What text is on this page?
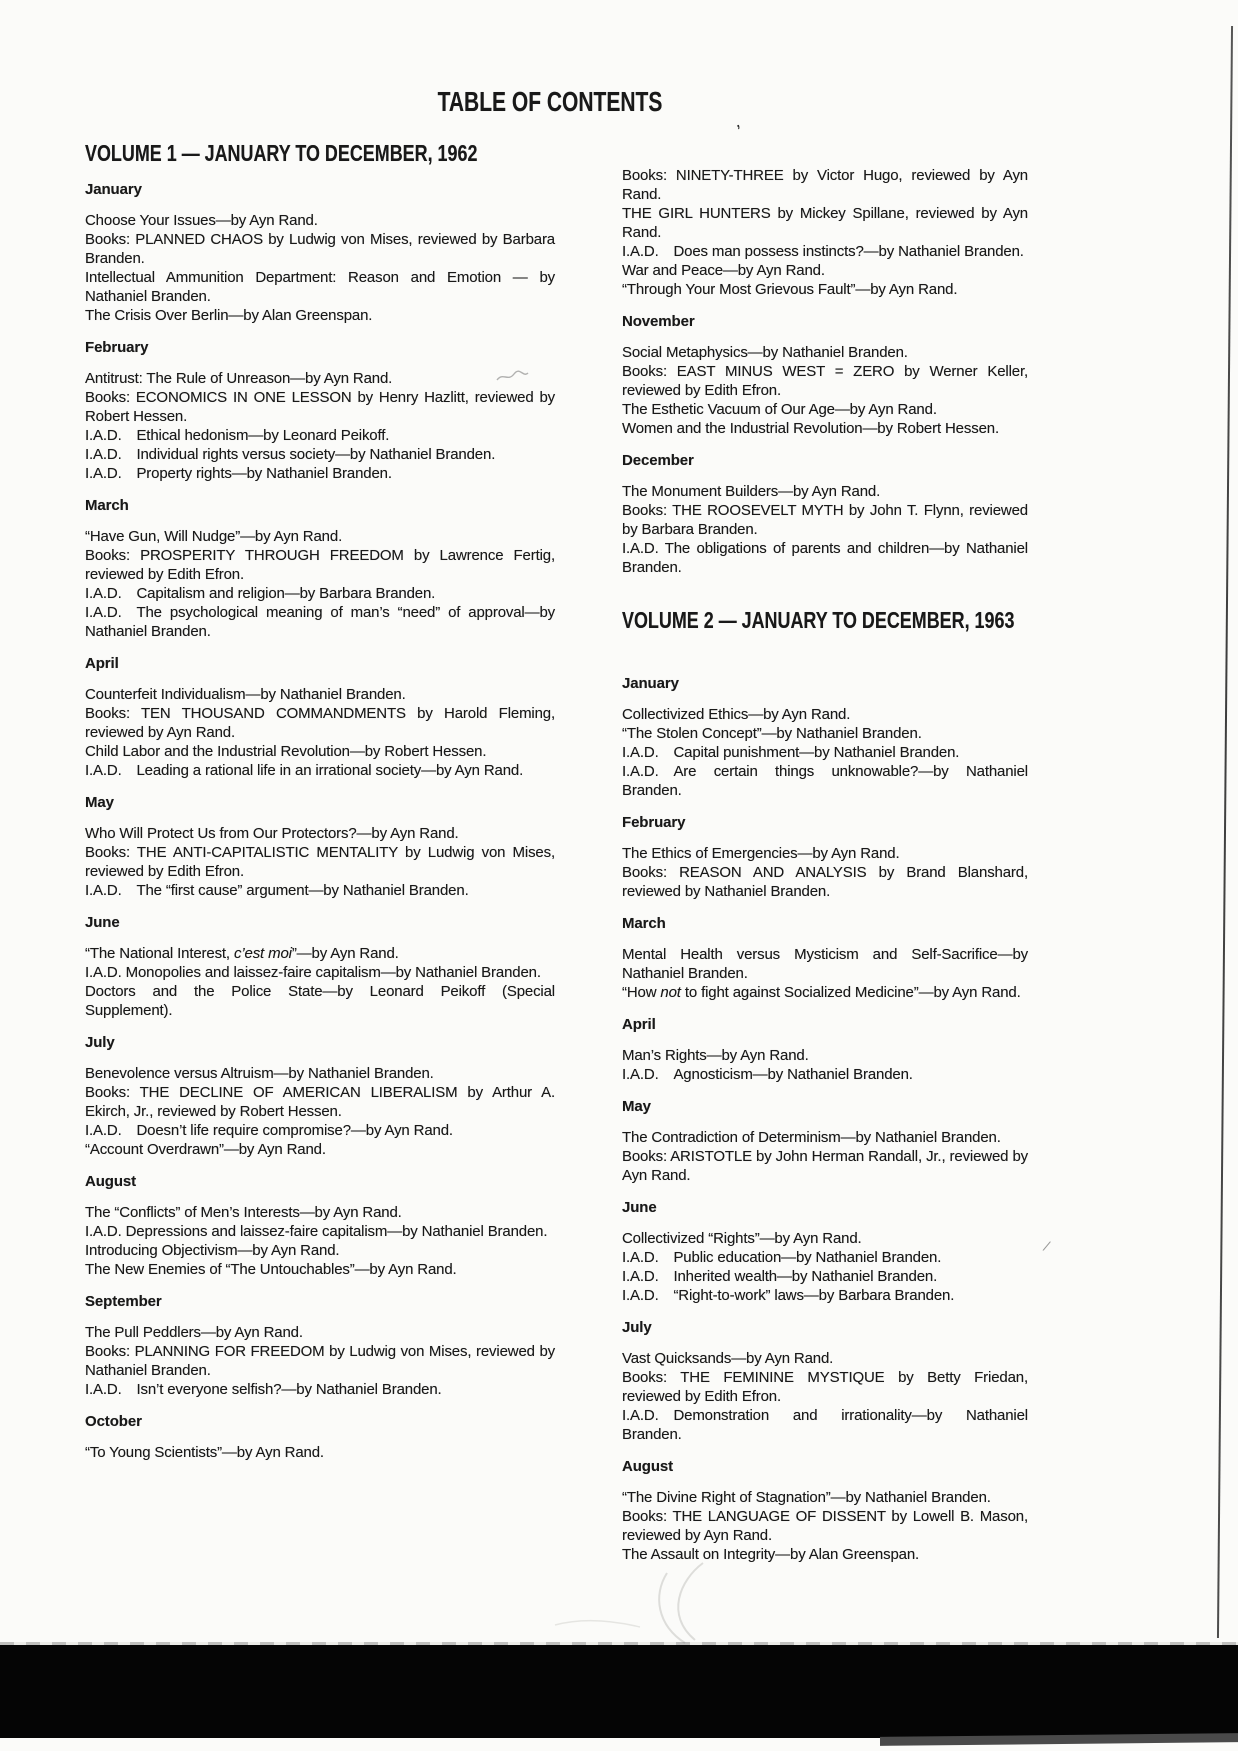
TABLE OF CONTENTS
VOLUME 1 — JANUARY TO DECEMBER, 1962
January

Choose Your Issues—by Ayn Rand.

Books: PLANNED CHAOS by Ludwig von Mises, reviewed by Barbara Branden.

Intellectual Ammunition Department: Reason and Emotion — by Nathaniel Branden.

The Crisis Over Berlin—by Alan Greenspan.

February

Antitrust: The Rule of Unreason—by Ayn Rand.

Books: ECONOMICS IN ONE LESSON by Henry Hazlitt, reviewed by Robert Hessen.

I.A.D. Ethical hedonism—by Leonard Peikoff.

I.A.D. Individual rights versus society—by Nathaniel Branden.

I.A.D. Property rights—by Nathaniel Branden.

March

“Have Gun, Will Nudge”—by Ayn Rand.

Books: PROSPERITY THROUGH FREEDOM by Lawrence Fertig, reviewed by Edith Efron.

I.A.D. Capitalism and religion—by Barbara Branden.

I.A.D. The psychological meaning of man’s “need” of approval—by Nathaniel Branden.

April

Counterfeit Individualism—by Nathaniel Branden.

Books: TEN THOUSAND COMMANDMENTS by Harold Fleming, reviewed by Ayn Rand.

Child Labor and the Industrial Revolution—by Robert Hessen.

I.A.D. Leading a rational life in an irrational society—by Ayn Rand.

May

Who Will Protect Us from Our Protectors?—by Ayn Rand.

Books: THE ANTI-CAPITALISTIC MENTALITY by Ludwig von Mises, reviewed by Edith Efron.

I.A.D. The “first cause” argument—by Nathaniel Branden.

June

“The National Interest, c’est moi”—by Ayn Rand.

I.A.D. Monopolies and laissez-faire capitalism—by Nathaniel Branden.

Doctors and the Police State—by Leonard Peikoff (Special Supplement).

July

Benevolence versus Altruism—by Nathaniel Branden.

Books: THE DECLINE OF AMERICAN LIBERALISM by Arthur A. Ekirch, Jr., reviewed by Robert Hessen.

I.A.D. Doesn’t life require compromise?—by Ayn Rand.

“Account Overdrawn”—by Ayn Rand.

August

The “Conflicts” of Men’s Interests—by Ayn Rand.

I.A.D. Depressions and laissez-faire capitalism—by Nathaniel Branden.

Introducing Objectivism—by Ayn Rand.

The New Enemies of “The Untouchables”—by Ayn Rand.

September

The Pull Peddlers—by Ayn Rand.

Books: PLANNING FOR FREEDOM by Ludwig von Mises, reviewed by Nathaniel Branden.

I.A.D. Isn’t everyone selfish?—by Nathaniel Branden.

October

“To Young Scientists”—by Ayn Rand.

Books: NINETY-THREE by Victor Hugo, reviewed by Ayn Rand.

THE GIRL HUNTERS by Mickey Spillane, reviewed by Ayn Rand.

I.A.D. Does man possess instincts?—by Nathaniel Branden.

War and Peace—by Ayn Rand.

“Through Your Most Grievous Fault”—by Ayn Rand.

November

Social Metaphysics—by Nathaniel Branden.

Books: EAST MINUS WEST = ZERO by Werner Keller, reviewed by Edith Efron.

The Esthetic Vacuum of Our Age—by Ayn Rand.

Women and the Industrial Revolution—by Robert Hessen.

December

The Monument Builders—by Ayn Rand.

Books: THE ROOSEVELT MYTH by John T. Flynn, reviewed by Barbara Branden.

I.A.D. The obligations of parents and children—by Nathaniel Branden.

VOLUME 2 — JANUARY TO DECEMBER, 1963
January

Collectivized Ethics—by Ayn Rand.

“The Stolen Concept”—by Nathaniel Branden.

I.A.D. Capital punishment—by Nathaniel Branden.

I.A.D. Are certain things unknowable?—by Nathaniel Branden.

February

The Ethics of Emergencies—by Ayn Rand.

Books: REASON AND ANALYSIS by Brand Blanshard, reviewed by Nathaniel Branden.

March

Mental Health versus Mysticism and Self-Sacrifice—by Nathaniel Branden.

“How not to fight against Socialized Medicine”—by Ayn Rand.

April

Man’s Rights—by Ayn Rand.

I.A.D. Agnosticism—by Nathaniel Branden.

May

The Contradiction of Determinism—by Nathaniel Branden.

Books: ARISTOTLE by John Herman Randall, Jr., reviewed by Ayn Rand.

June

Collectivized “Rights”—by Ayn Rand.

I.A.D. Public education—by Nathaniel Branden.

I.A.D. Inherited wealth—by Nathaniel Branden.

I.A.D. “Right-to-work” laws—by Barbara Branden.

July

Vast Quicksands—by Ayn Rand.

Books: THE FEMININE MYSTIQUE by Betty Friedan, reviewed by Edith Efron.

I.A.D. Demonstration and irrationality—by Nathaniel Branden.

August

“The Divine Right of Stagnation”—by Nathaniel Branden.

Books: THE LANGUAGE OF DISSENT by Lowell B. Mason, reviewed by Ayn Rand.

The Assault on Integrity—by Alan Greenspan.

,
⁄
